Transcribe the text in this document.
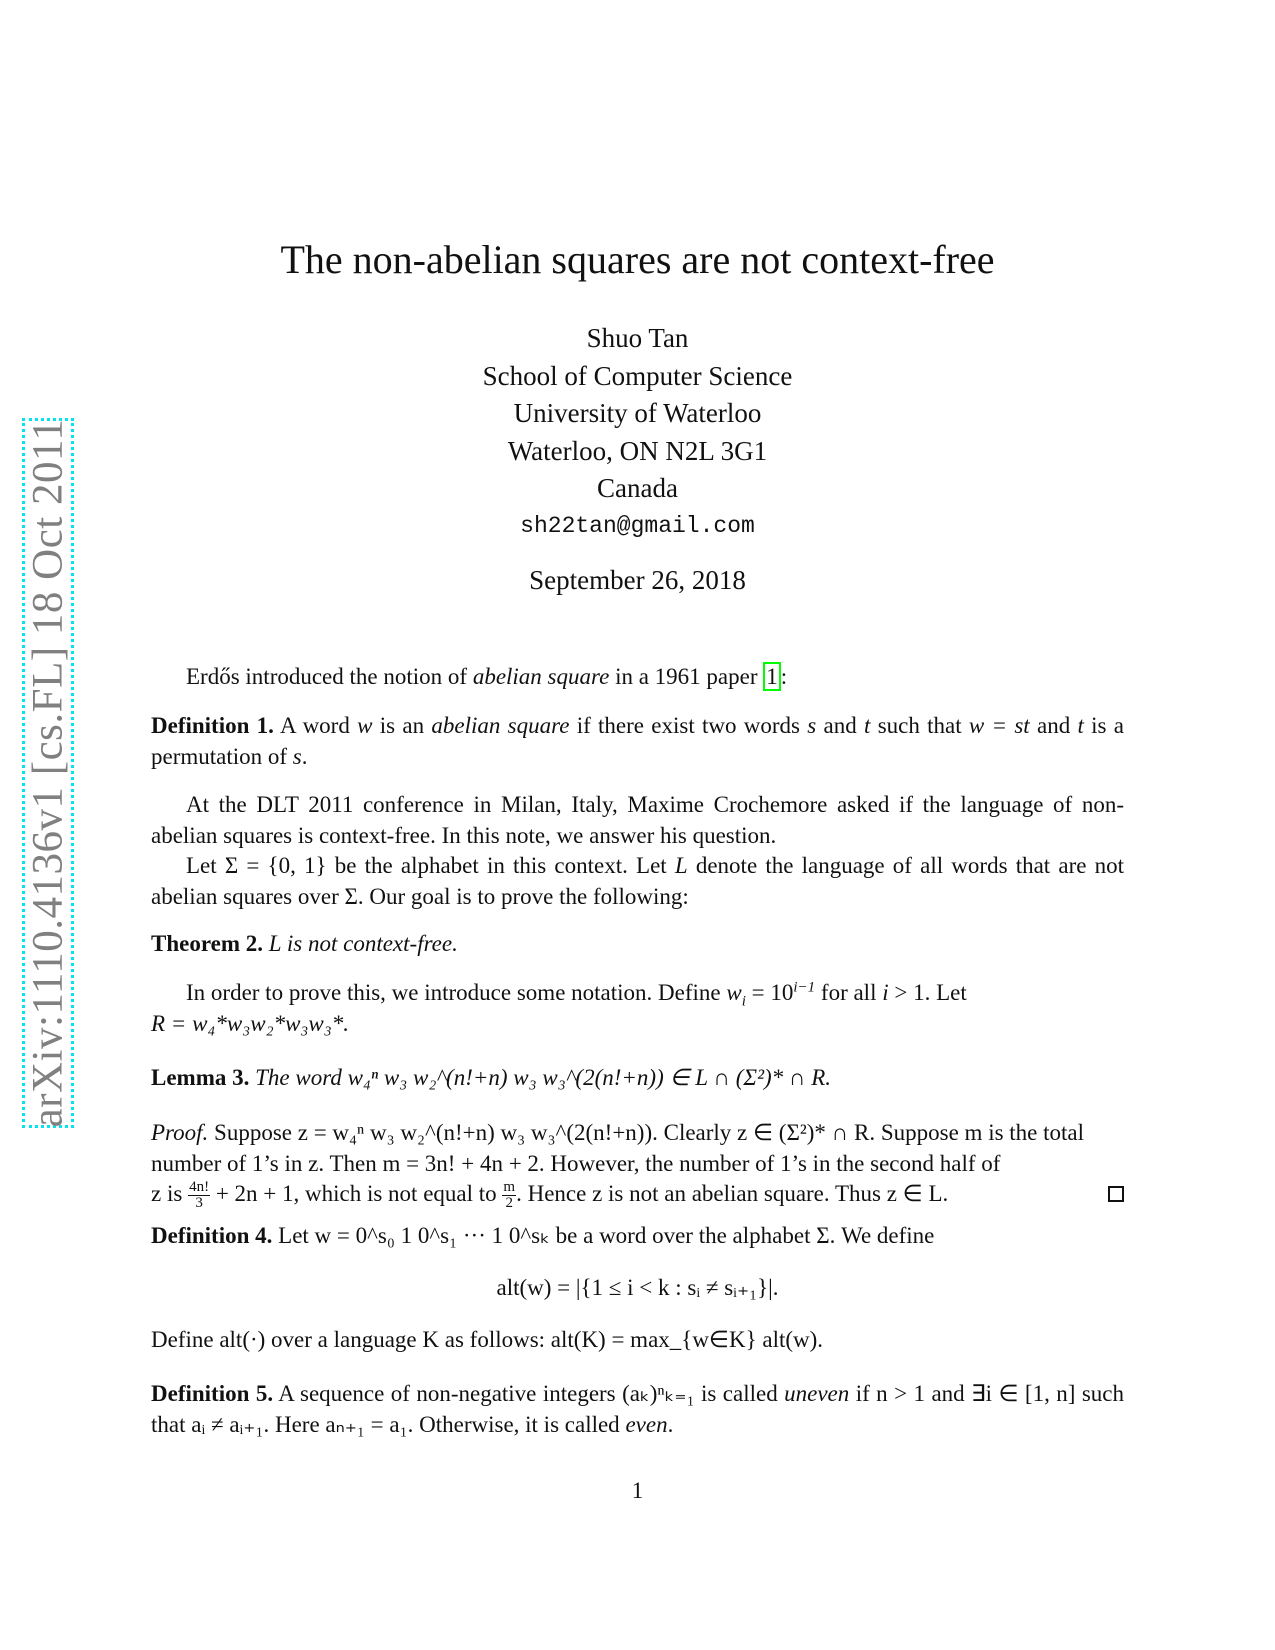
arXiv:1110.4136v1 [cs.FL] 18 Oct 2011
The non-abelian squares are not context-free
Shuo Tan
School of Computer Science
University of Waterloo
Waterloo, ON N2L 3G1
Canada
sh22tan@gmail.com
September 26, 2018
Erdős introduced the notion of abelian square in a 1961 paper 1 :
Definition 1. A word w is an abelian square if there exist two words s and t such that w = st and t is a permutation of s.
At the DLT 2011 conference in Milan, Italy, Maxime Crochemore asked if the language of non-abelian squares is context-free. In this note, we answer his question.
Let Σ = {0, 1} be the alphabet in this context. Let L denote the language of all words that are not abelian squares over Σ. Our goal is to prove the following:
Theorem 2. L is not context-free.
In order to prove this, we introduce some notation. Define $w_i = 10^{i-1}$ for all i > 1. Let
R = w₄*w₃w₂*w₃w₃*.
Lemma 3. The word w₄ⁿ w₃ w₂^(n!+n) w₃ w₃^(2(n!+n)) ∈ L ∩ (Σ²)* ∩ R.
Proof. Suppose z = w₄ⁿ w₃ w₂^(n!+n) w₃ w₃^(2(n!+n)). Clearly z ∈ (Σ²)* ∩ R. Suppose m is the total
number of 1’s in z. Then m = 3n! + 4n + 2. However, the number of 1’s in the second half of
z is $\frac{4n!}{3} + 2n + 1$, which is not equal to $\frac{m}{2}$ . Hence z is not an abelian square. Thus z ∈ L.
Definition 4. Let w = 0^s₀ 1 0^s₁ ··· 1 0^sₖ be a word over the alphabet Σ. We define
alt(w) = |{1 ≤ i < k : sᵢ ≠ sᵢ₊₁}|.
Define alt(·) over a language K as follows: alt(K) = max_{w∈K} alt(w).
Definition 5. A sequence of non-negative integers (aₖ)ⁿₖ₌₁ is called uneven if n > 1 and ∃i ∈ [1, n] such that aᵢ ≠ aᵢ₊₁. Here aₙ₊₁ = a₁. Otherwise, it is called even.
1
